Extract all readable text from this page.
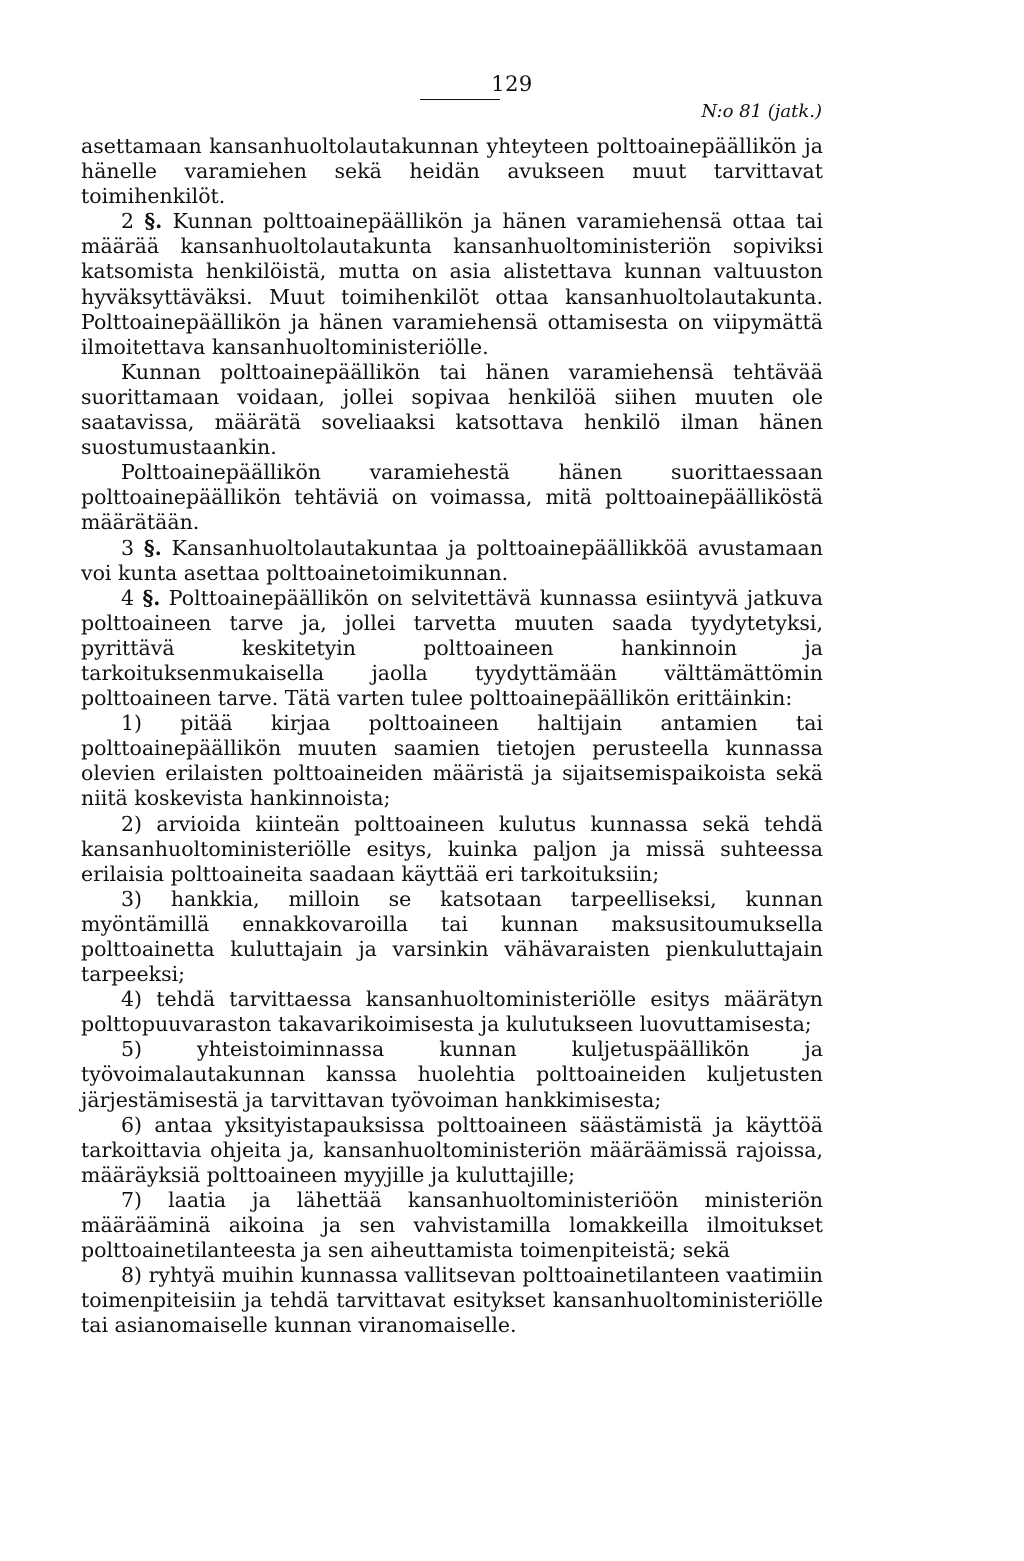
129
N:o 81 (jatk.)

asettamaan kansanhuoltolautakunnan yhteyteen polttoainepäällikön ja hänelle varamiehen sekä heidän avukseen muut tarvittavat toimihenkilöt.

2 §. Kunnan polttoainepäällikön ja hänen varamiehensä ottaa tai määrää kansanhuoltolautakunta kansanhuoltoministeriön sopiviksi katsomista henkilöistä, mutta on asia alistettava kunnan valtuuston hyväksyttäväksi. Muut toimihenkilöt ottaa kansanhuoltolautakunta. Polttoainepäällikön ja hänen varamiehensä ottamisesta on viipymättä ilmoitettava kansanhuoltoministeriölle.

Kunnan polttoainepäällikön tai hänen varamiehensä tehtävää suorittamaan voidaan, jollei sopivaa henkilöä siihen muuten ole saatavissa, määrätä soveliaaksi katsottava henkilö ilman hänen suostumustaankin.

Polttoainepäällikön varamiehestä hänen suorittaessaan polttoainepäällikön tehtäviä on voimassa, mitä polttoainepäälliköstä määrätään.

3 §. Kansanhuoltolautakuntaa ja polttoainepäällikköä avustamaan voi kunta asettaa polttoainetoimikunnan.

4 §. Polttoainepäällikön on selvitettävä kunnassa esiintyvä jatkuva polttoaineen tarve ja, jollei tarvetta muuten saada tyydytetyksi, pyrittävä keskitetyin polttoaineen hankinnoin ja tarkoituksenmukaisella jaolla tyydyttämään välttämättömin polttoaineen tarve. Tätä varten tulee polttoainepäällikön erittäinkin:

1) pitää kirjaa polttoaineen haltijain antamien tai polttoainepäällikön muuten saamien tietojen perusteella kunnassa olevien erilaisten polttoaineiden määristä ja sijaitsemispaikoista sekä niitä koskevista hankinnoista;

2) arvioida kiinteän polttoaineen kulutus kunnassa sekä tehdä kansanhuoltoministeriölle esitys, kuinka paljon ja missä suhteessa erilaisia polttoaineita saadaan käyttää eri tarkoituksiin;

3) hankkia, milloin se katsotaan tarpeelliseksi, kunnan myöntämillä ennakkovaroilla tai kunnan maksusitoumuksella polttoainetta kuluttajain ja varsinkin vähävaraisten pienkuluttajain tarpeeksi;

4) tehdä tarvittaessa kansanhuoltoministeriölle esitys määrätyn polttopuuvaraston takavarikoimisesta ja kulutukseen luovuttamisesta;

5) yhteistoiminnassa kunnan kuljetuspäällikön ja työvoimalautakunnan kanssa huolehtia polttoaineiden kuljetusten järjestämisestä ja tarvittavan työvoiman hankkimisesta;

6) antaa yksityistapauksissa polttoaineen säästämistä ja käyttöä tarkoittavia ohjeita ja, kansanhuoltoministeriön määräämissä rajoissa, määräyksiä polttoaineen myyjille ja kuluttajille;

7) laatia ja lähettää kansanhuoltoministeriöön ministeriön määrääminä aikoina ja sen vahvistamilla lomakkeilla ilmoitukset polttoainetilanteesta ja sen aiheuttamista toimenpiteistä; sekä

8) ryhtyä muihin kunnassa vallitsevan polttoainetilanteen vaatimiin toimenpiteisiin ja tehdä tarvittavat esitykset kansanhuoltoministeriölle tai asianomaiselle kunnan viranomaiselle.
